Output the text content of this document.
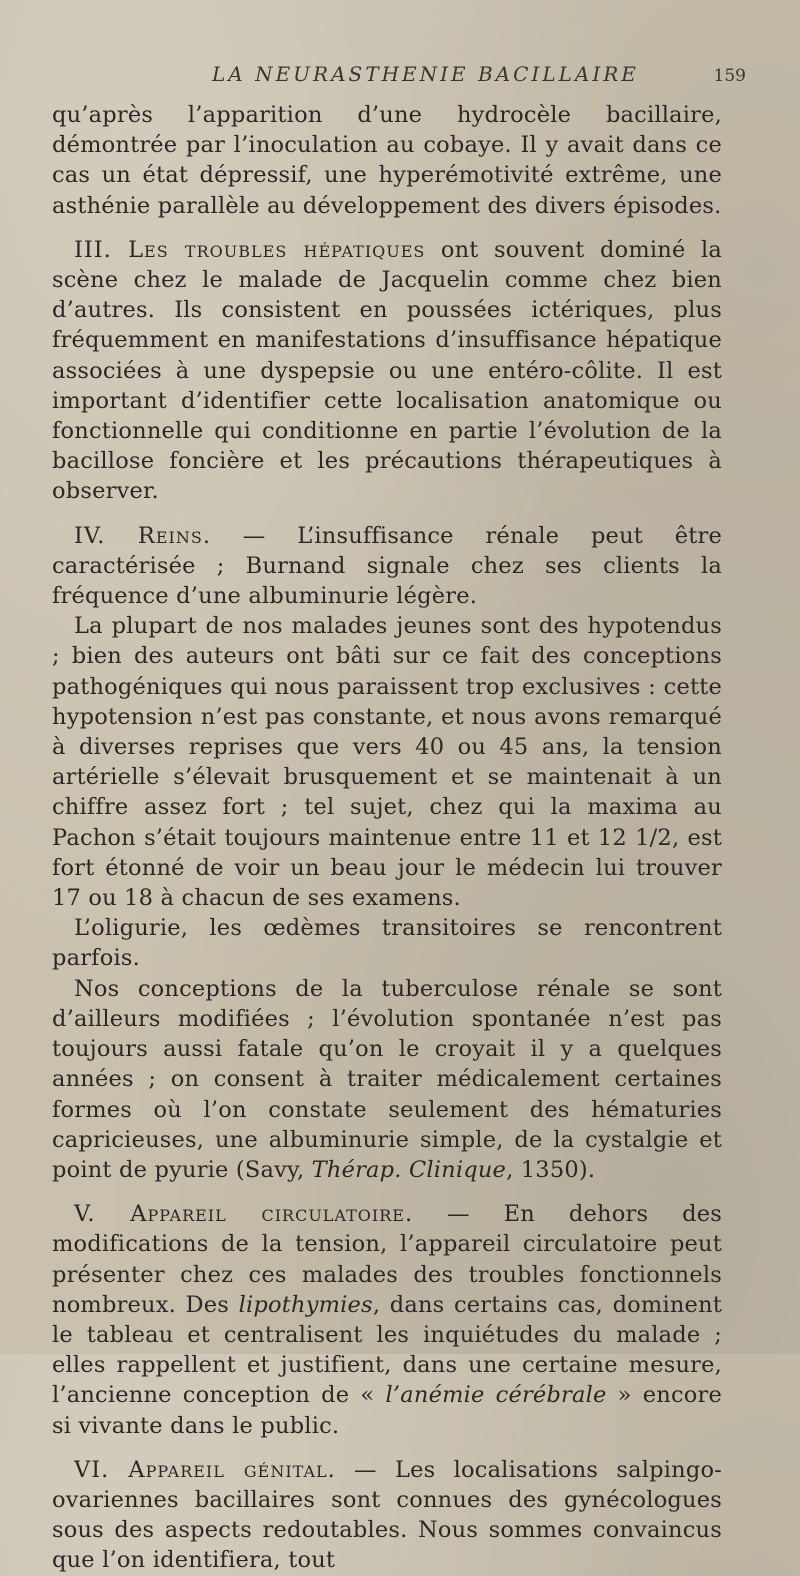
LA NEURASTHENIE BACILLAIRE	159

qu’après l’apparition d’une hydrocèle bacillaire, démontrée par l’inoculation au cobaye. Il y avait dans ce cas un état dépressif, une hyperémotivité extrême, une asthénie parallèle au développement des divers épisodes.

III. Les troubles hépatiques ont souvent dominé la scène chez le malade de Jacquelin comme chez bien d’autres. Ils consistent en poussées ictériques, plus fréquemment en manifestations d’insuffisance hépatique associées à une dyspepsie ou une entéro-côlite. Il est important d’identifier cette localisation anatomique ou fonctionnelle qui conditionne en partie l’évolution de la bacillose foncière et les précautions thérapeutiques à observer.

IV. Reins. — L’insuffisance rénale peut être caractérisée ; Burnand signale chez ses clients la fréquence d’une albuminurie légère.

La plupart de nos malades jeunes sont des hypotendus ; bien des auteurs ont bâti sur ce fait des conceptions pathogéniques qui nous paraissent trop exclusives : cette hypotension n’est pas constante, et nous avons remarqué à diverses reprises que vers 40 ou 45 ans, la tension artérielle s’élevait brusquement et se maintenait à un chiffre assez fort ; tel sujet, chez qui la maxima au Pachon s’était toujours maintenue entre 11 et 12 1/2, est fort étonné de voir un beau jour le médecin lui trouver 17 ou 18 à chacun de ses examens.

L’oligurie, les œdèmes transitoires se rencontrent parfois.

Nos conceptions de la tuberculose rénale se sont d’ailleurs modifiées ; l’évolution spontanée n’est pas toujours aussi fatale qu’on le croyait il y a quelques années ; on consent à traiter médicalement certaines formes où l’on constate seulement des hématuries capricieuses, une albuminurie simple, de la cystalgie et point de pyurie (Savy, Thérap. Clinique, 1350).

V. Appareil circulatoire. — En dehors des modifications de la tension, l’appareil circulatoire peut présenter chez ces malades des troubles fonctionnels nombreux. Des lipothymies, dans certains cas, dominent le tableau et centralisent les inquiétudes du malade ; elles rappellent et justifient, dans une certaine mesure, l’ancienne conception de « l’anémie cérébrale » encore si vivante dans le public.

VI. Appareil génital. — Les localisations salpingo-ovariennes bacillaires sont connues des gynécologues sous des aspects redoutables. Nous sommes convaincus que l’on identifiera, tout
